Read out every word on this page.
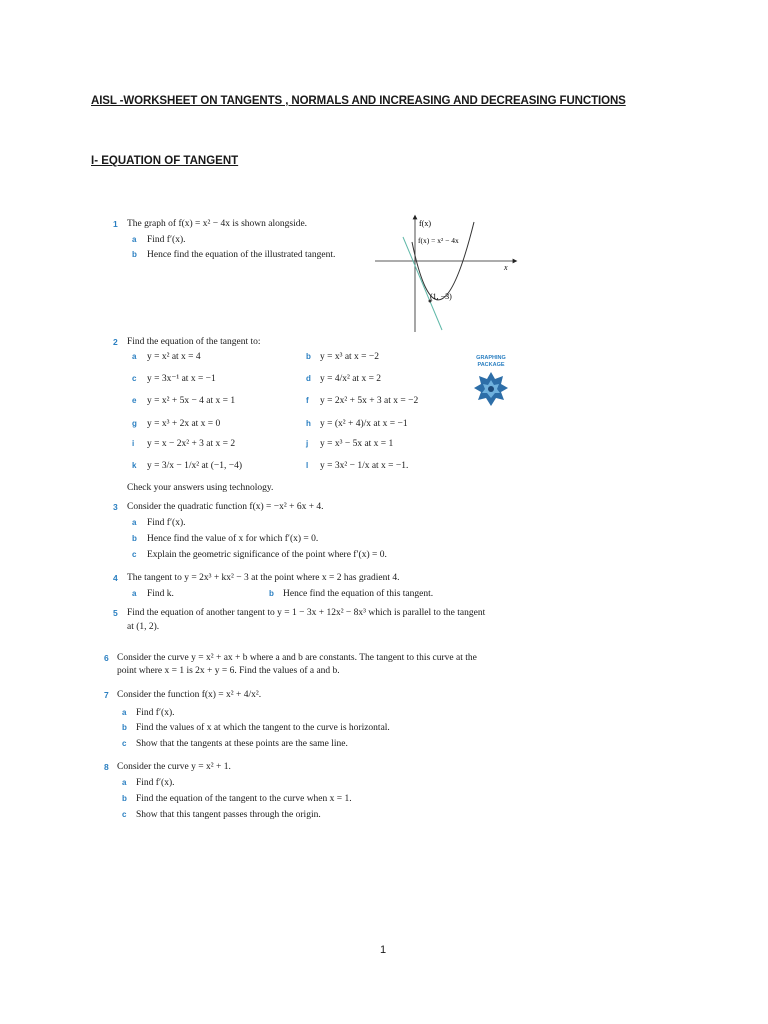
AISL -WORKSHEET ON TANGENTS , NORMALS AND INCREASING AND DECREASING FUNCTIONS
I- EQUATION OF TANGENT
1 The graph of f(x) = x² − 4x is shown alongside.
a Find f′(x).
b Hence find the equation of the illustrated tangent.
f(x)
f(x) = x² − 4x
x
(1, −3)
2 Find the equation of the tangent to:
a y = x² at x = 4	b y = x³ at x = −2
c y = 3x⁻¹ at x = −1	d y = 4/x² at x = 2
e y = x² + 5x − 4 at x = 1	f y = 2x² + 5x + 3 at x = −2
g y = x³ + 2x at x = 0	h y = (x² + 4)/x at x = −1
i y = x − 2x² + 3 at x = 2	j y = x³ − 5x at x = 1
k y = 3/x − 1/x² at (−1, −4)	l y = 3x² − 1/x at x = −1.
Check your answers using technology.
GRAPHING PACKAGE
3 Consider the quadratic function f(x) = −x² + 6x + 4.
a Find f′(x).
b Hence find the value of x for which f′(x) = 0.
c Explain the geometric significance of the point where f′(x) = 0.
4 The tangent to y = 2x³ + kx² − 3 at the point where x = 2 has gradient 4.
a Find k.	b Hence find the equation of this tangent.
5 Find the equation of another tangent to y = 1 − 3x + 12x² − 8x³ which is parallel to the tangent
at (1, 2).
6 Consider the curve y = x² + ax + b where a and b are constants. The tangent to this curve at the
point where x = 1 is 2x + y = 6. Find the values of a and b.
7 Consider the function f(x) = x² + 4/x².
a Find f′(x).
b Find the values of x at which the tangent to the curve is horizontal.
c Show that the tangents at these points are the same line.
8 Consider the curve y = x² + 1.
a Find f′(x).
b Find the equation of the tangent to the curve when x = 1.
c Show that this tangent passes through the origin.
1
